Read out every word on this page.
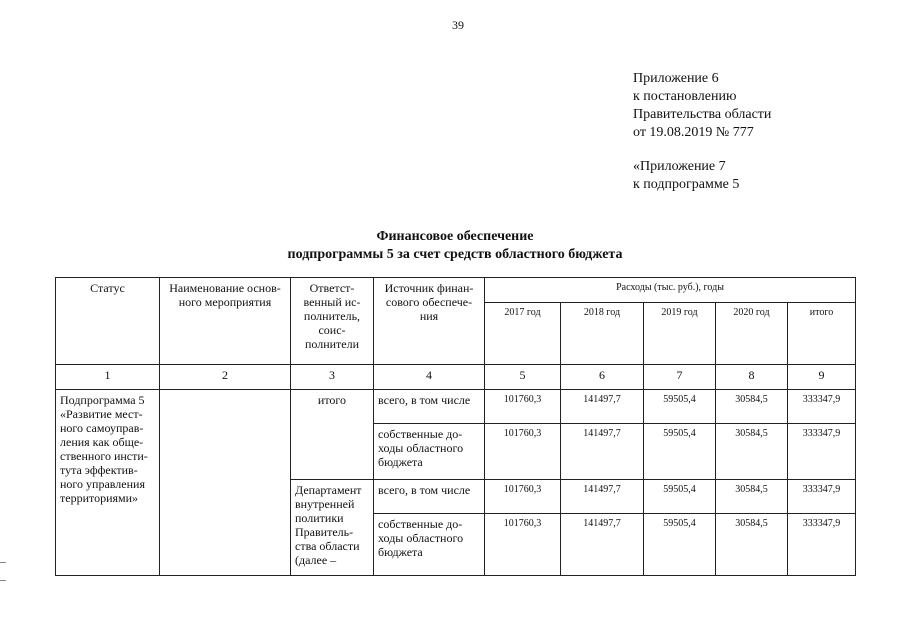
39
Приложение 6
к постановлению
Правительства области
от 19.08.2019 № 777
«Приложение 7
к подпрограмме 5
Финансовое обеспечение
подпрограммы 5 за счет средств областного бюджета
Статус	Наименование основ-ного мероприятия	Ответст-венный ис-полнитель, соис-полнители	Источник финан-сового обеспече-ния	Расходы (тыс. руб.), годы				
				2017 год	2018 год	2019 год	2020 год	итого
1	2	3	4	5	6	7	8	9
Подпрограмма 5 «Развитие мест-ного самоуправ-ления как обще-ственного инсти-тута эффектив-ного управления территориями»		итого	всего, в том числе	101760,3	141497,7	59505,4	30584,5	333347,9
			собственные до-ходы областного бюджета	101760,3	141497,7	59505,4	30584,5	333347,9
		Департамент внутренней политики Правитель-ства области (далее –	всего, в том числе	101760,3	141497,7	59505,4	30584,5	333347,9
			собственные до-ходы областного бюджета	101760,3	141497,7	59505,4	30584,5	333347,9
